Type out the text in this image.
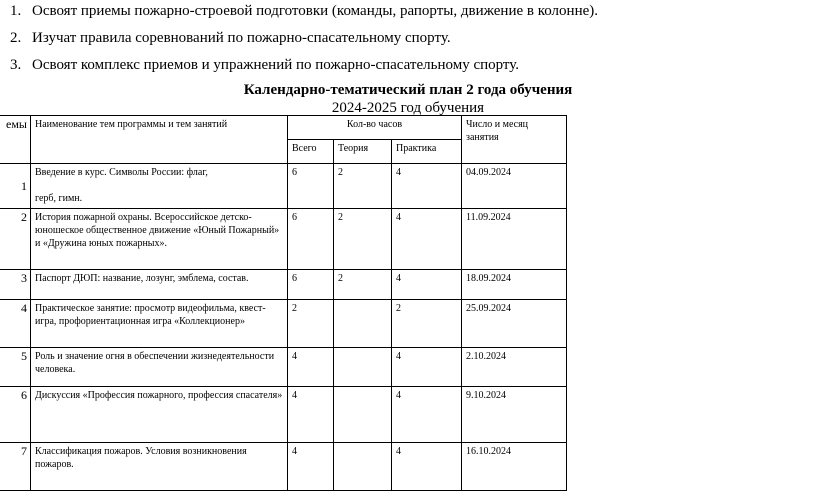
1. Освоят приемы пожарно-строевой подготовки (команды, рапорты, движение в колонне).
2. Изучат правила соревнований по пожарно-спасательному спорту.
3. Освоят комплекс приемов и упражнений по пожарно-спасательному спорту.
Календарно-тематический план 2 года обучения
2024-2025 год обучения
емы	Наименование тем программы и тем занятий	Кол-во часов			Число и месяц занятия
		Всего	Теория	Практика	
1	Введение в курс. Символы России: флаг,
герб, гимн.	6	2	4	04.09.2024
2	История пожарной охраны. Всероссийское детско-юношеское общественное движение «Юный Пожарный» и «Дружина юных пожарных».	6	2	4	11.09.2024
3	Паспорт ДЮП: название, лозунг, эмблема, состав.	6	2	4	18.09.2024
4	Практическое занятие: просмотр видеофильма, квест-игра, профориентационная игра «Коллекционер»	2		2	25.09.2024
5	Роль и значение огня в обеспечении жизнедеятельности человека.	4		4	2.10.2024
6	Дискуссия «Профессия пожарного, профессия спасателя»	4		4	9.10.2024
7	Классификация пожаров. Условия возникновения пожаров.	4		4	16.10.2024
